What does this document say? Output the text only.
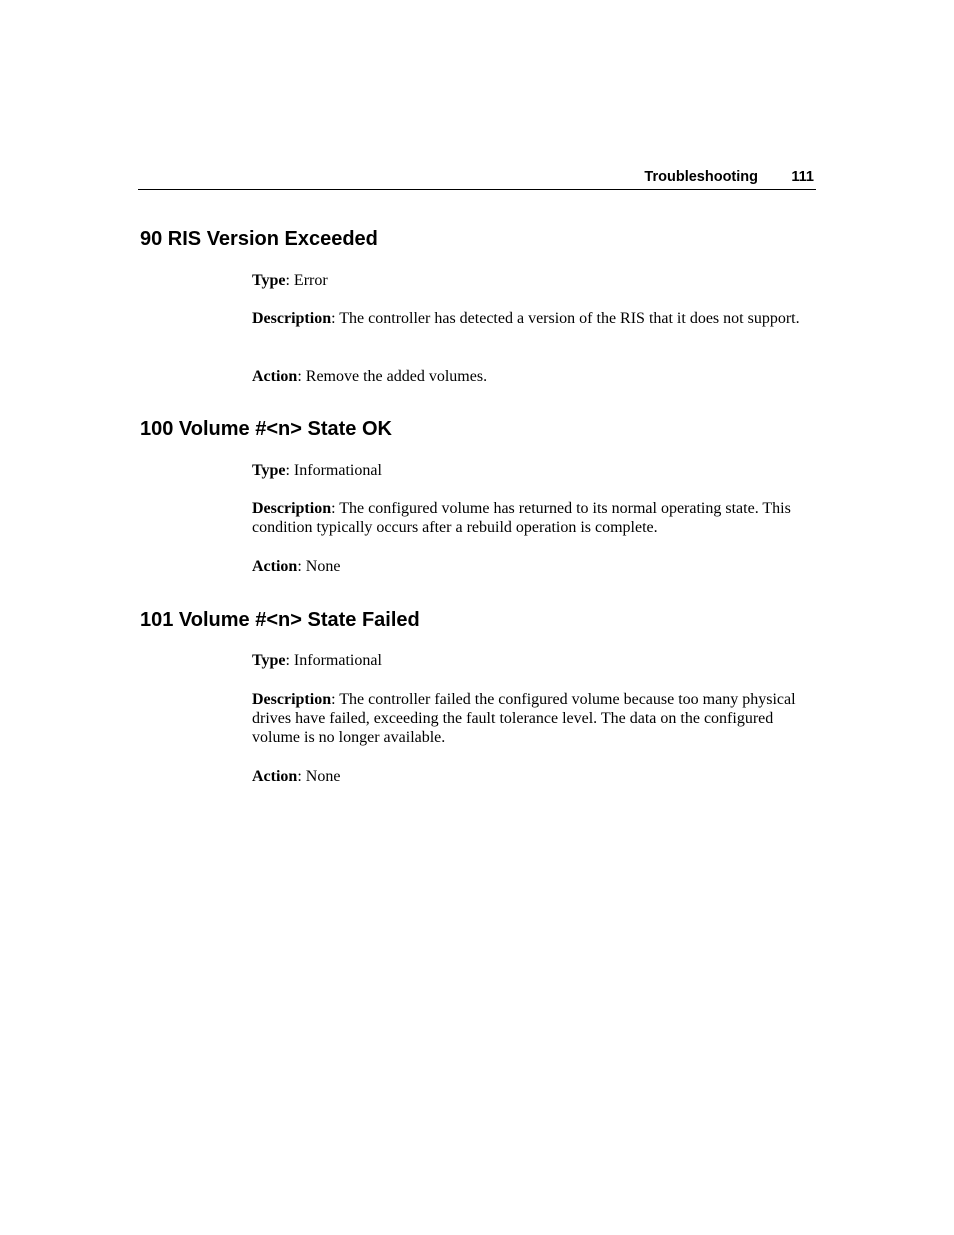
Troubleshooting 111
90 RIS Version Exceeded

Type: Error

Description: The controller has detected a version of the RIS that it does not support.

Action: Remove the added volumes.

100 Volume #<n> State OK

Type: Informational

Description: The configured volume has returned to its normal operating state. This condition typically occurs after a rebuild operation is complete.

Action: None

101 Volume #<n> State Failed

Type: Informational

Description: The controller failed the configured volume because too many physical drives have failed, exceeding the fault tolerance level. The data on the configured volume is no longer available.

Action: None
